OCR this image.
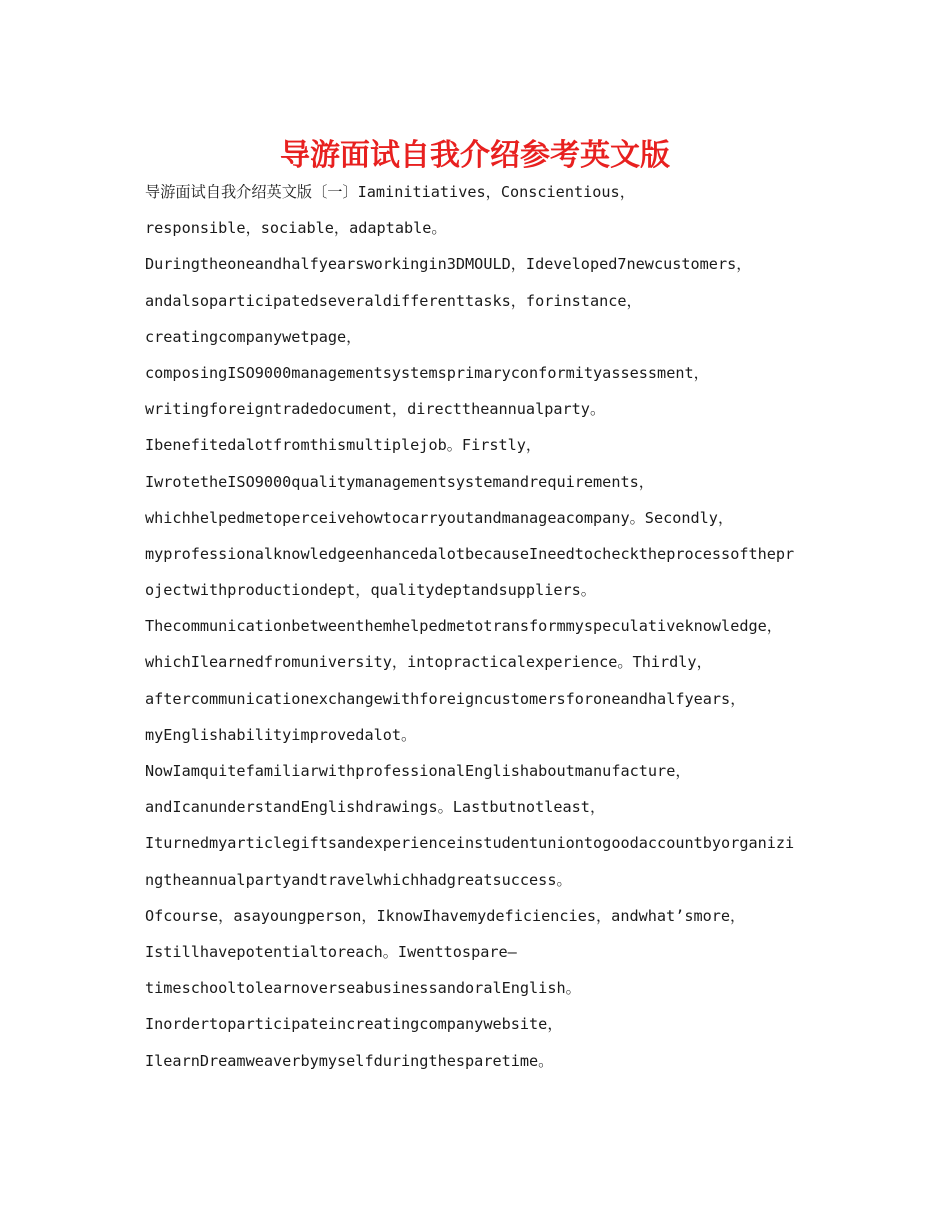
导游面试自我介绍参考英文版
导游面试自我介绍英文版〔一〕Iaminitiatives，Conscientious，
responsible，sociable，adaptable。
Duringtheoneandhalfyearsworkingin3DMOULD，Ideveloped7newcustomers，
andalsoparticipatedseveraldifferenttasks，forinstance，
creatingcompanywetpage，
composingISO9000managementsystemsprimaryconformityassessment，
writingforeigntradedocument，directtheannualparty。
Ibenefitedalotfromthismultiplejob。Firstly，
IwrotetheISO9000qualitymanagementsystemandrequirements，
whichhelpedmetoperceivehowtocarryoutandmanageacompany。Secondly，
myprofessionalknowledgeenhancedalotbecauseIneedtochecktheprocessofthepr
ojectwithproductiondept，qualitydeptandsuppliers。
Thecommunicationbetweenthemhelpedmetotransformmyspeculativeknowledge，
whichIlearnedfromuniversity，intopracticalexperience。Thirdly，
aftercommunicationexchangewithforeigncustomersforoneandhalfyears，
myEnglishabilityimprovedalot。
NowIamquitefamiliarwithprofessionalEnglishaboutmanufacture，
andIcanunderstandEnglishdrawings。Lastbutnotleast，
Iturnedmyarticlegiftsandexperienceinstudentuniontogoodaccountbyorganizi
ngtheannualpartyandtravelwhichhadgreatsuccess。
Ofcourse，asayoungperson，IknowIhavemydeficiencies，andwhat’smore，
Istillhavepotentialtoreach。Iwenttospare—
timeschooltolearnoverseabusinessandoralEnglish。
Inordertoparticipateincreatingcompanywebsite，
IlearnDreamweaverbymyselfduringthesparetime。
